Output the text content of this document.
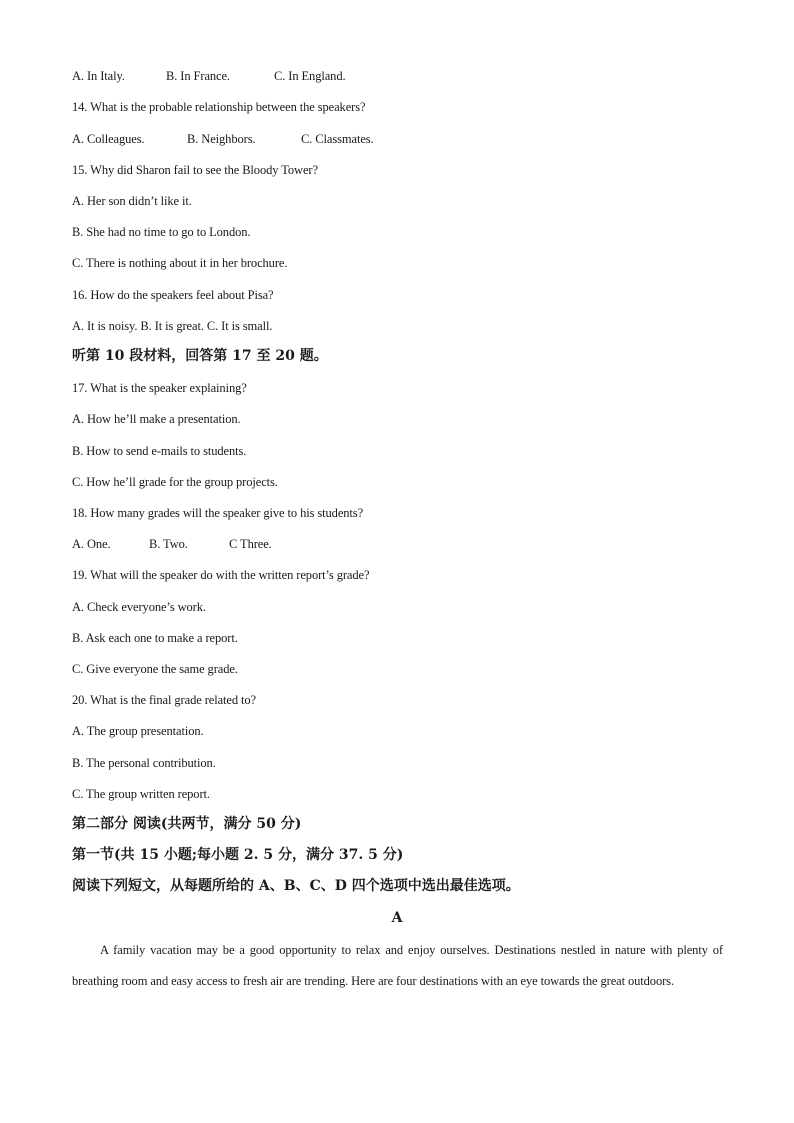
A. In Italy.	B. In France.	C. In England.
14. What is the probable relationship between the speakers?
A. Colleagues.	B. Neighbors.	C. Classmates.
15. Why did Sharon fail to see the Bloody Tower?
A. Her son didn’t like it.
B. She had no time to go to London.
C. There is nothing about it in her brochure.
16. How do the speakers feel about Pisa?
A. It is noisy. B. It is great. C. It is small.
听第 10 段材料，回答第 17 至 20 题。
17. What is the speaker explaining?
A. How he’ll make a presentation.
B. How to send e-mails to students.
C. How he’ll grade for the group projects.
18. How many grades will the speaker give to his students?
A. One.	B. Two.	C Three.
19. What will the speaker do with the written report’s grade?
A. Check everyone’s work.
B. Ask each one to make a report.
C. Give everyone the same grade.
20. What is the final grade related to?
A. The group presentation.
B. The personal contribution.
C. The group written report.
第二部分 阅读(共两节，满分 50 分)
第一节(共 15 小题;每小题 2. 5 分，满分 37. 5 分)
阅读下列短文，从每题所给的 A、B、C、D 四个选项中选出最佳选项。
A

A family vacation may be a good opportunity to relax and enjoy ourselves. Destinations nestled in nature with plenty of breathing room and easy access to fresh air are trending. Here are four destinations with an eye towards the great outdoors.
